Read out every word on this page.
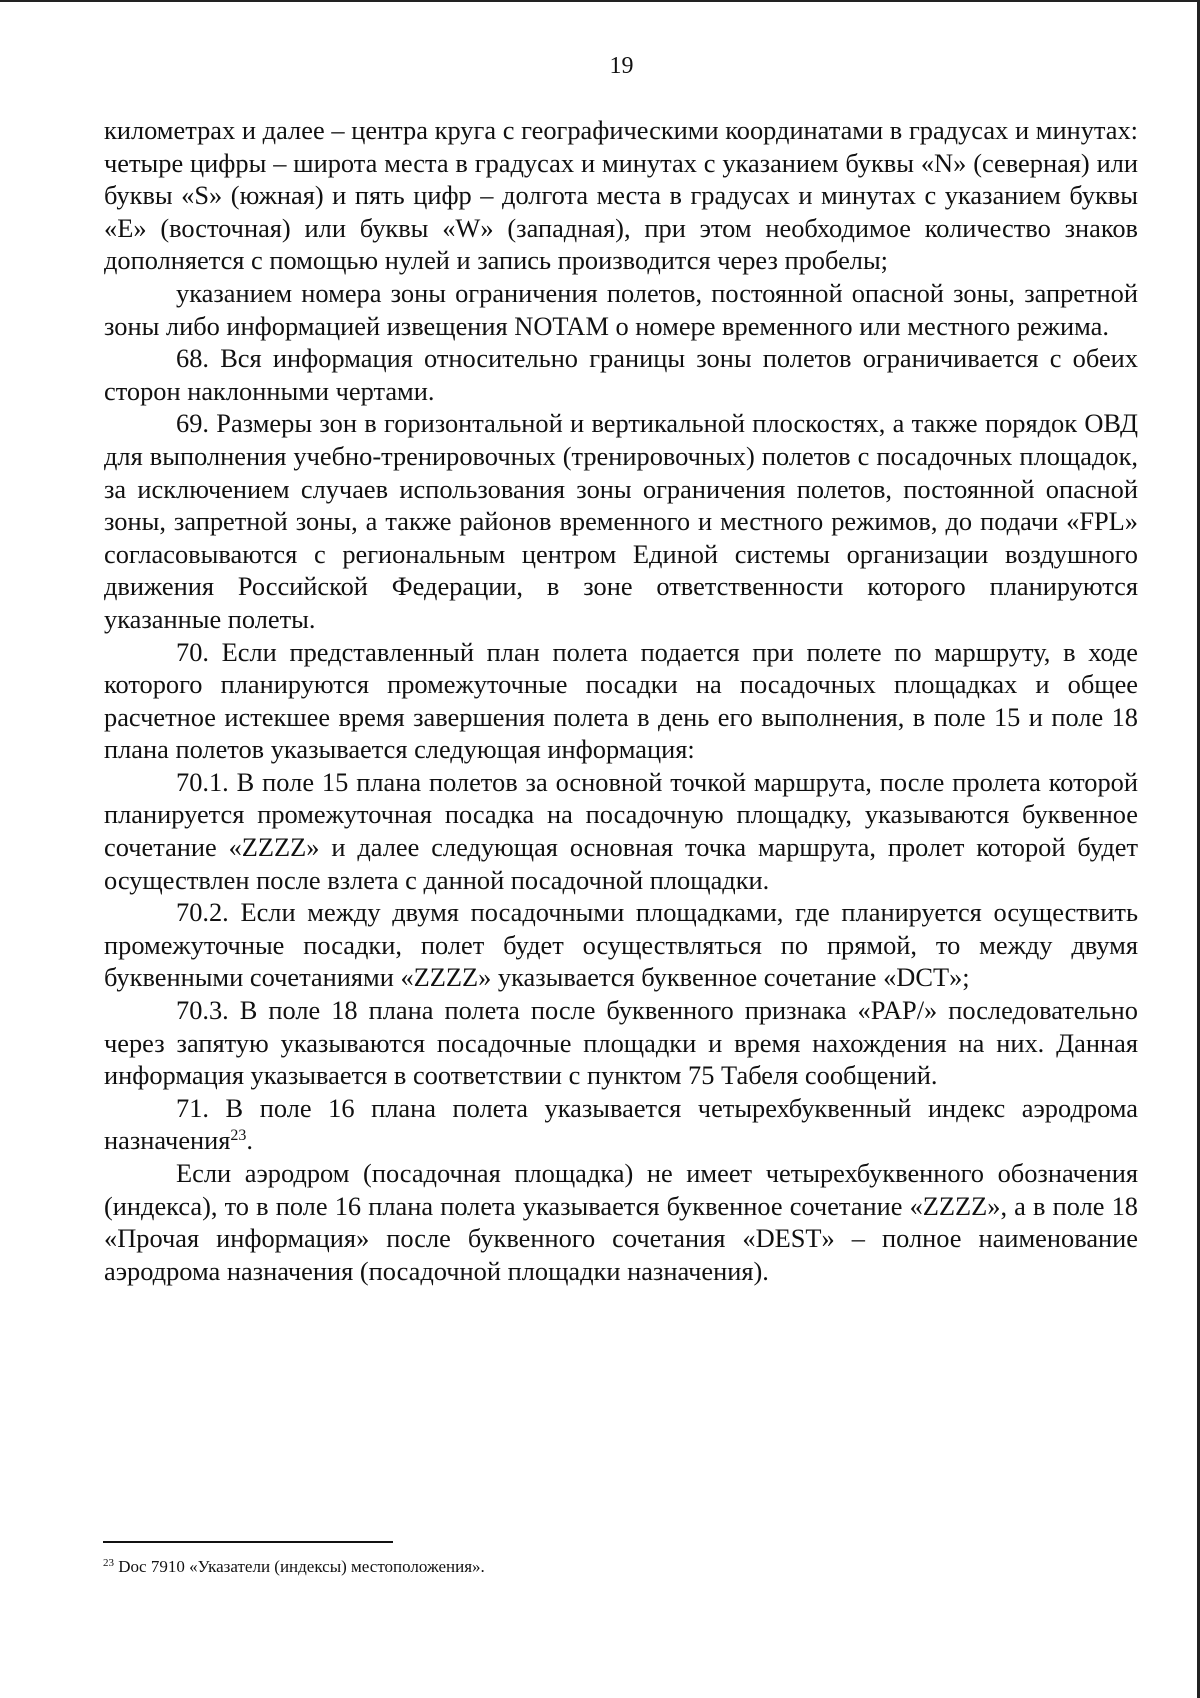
19

километрах и далее – центра круга с географическими координатами в градусах и минутах: четыре цифры – широта места в градусах и минутах с указанием буквы «N» (северная) или буквы «S» (южная) и пять цифр – долгота места в градусах и минутах с указанием буквы «E» (восточная) или буквы «W» (западная), при этом необходимое количество знаков дополняется с помощью нулей и запись производится через пробелы;

указанием номера зоны ограничения полетов, постоянной опасной зоны, запретной зоны либо информацией извещения NOTAM о номере временного или местного режима.

68. Вся информация относительно границы зоны полетов ограничивается с обеих сторон наклонными чертами.

69. Размеры зон в горизонтальной и вертикальной плоскостях, а также порядок ОВД для выполнения учебно-тренировочных (тренировочных) полетов с посадочных площадок, за исключением случаев использования зоны ограничения полетов, постоянной опасной зоны, запретной зоны, а также районов временного и местного режимов, до подачи «FPL» согласовываются с региональным центром Единой системы организации воздушного движения Российской Федерации, в зоне ответственности которого планируются указанные полеты.

70. Если представленный план полета подается при полете по маршруту, в ходе которого планируются промежуточные посадки на посадочных площадках и общее расчетное истекшее время завершения полета в день его выполнения, в поле 15 и поле 18 плана полетов указывается следующая информация:

70.1. В поле 15 плана полетов за основной точкой маршрута, после пролета которой планируется промежуточная посадка на посадочную площадку, указываются буквенное сочетание «ZZZZ» и далее следующая основная точка маршрута, пролет которой будет осуществлен после взлета с данной посадочной площадки.

70.2. Если между двумя посадочными площадками, где планируется осуществить промежуточные посадки, полет будет осуществляться по прямой, то между двумя буквенными сочетаниями «ZZZZ» указывается буквенное сочетание «DCT»;

70.3. В поле 18 плана полета после буквенного признака «PAP/» последовательно через запятую указываются посадочные площадки и время нахождения на них. Данная информация указывается в соответствии с пунктом 75 Табеля сообщений.

71. В поле 16 плана полета указывается четырехбуквенный индекс аэродрома назначения$^{23}$.

Если аэродром (посадочная площадка) не имеет четырехбуквенного обозначения (индекса), то в поле 16 плана полета указывается буквенное сочетание «ZZZZ», а в поле 18 «Прочая информация» после буквенного сочетания «DEST» – полное наименование аэродрома назначения (посадочной площадки назначения).

$^{23}$ Doc 7910 «Указатели (индексы) местоположения».
